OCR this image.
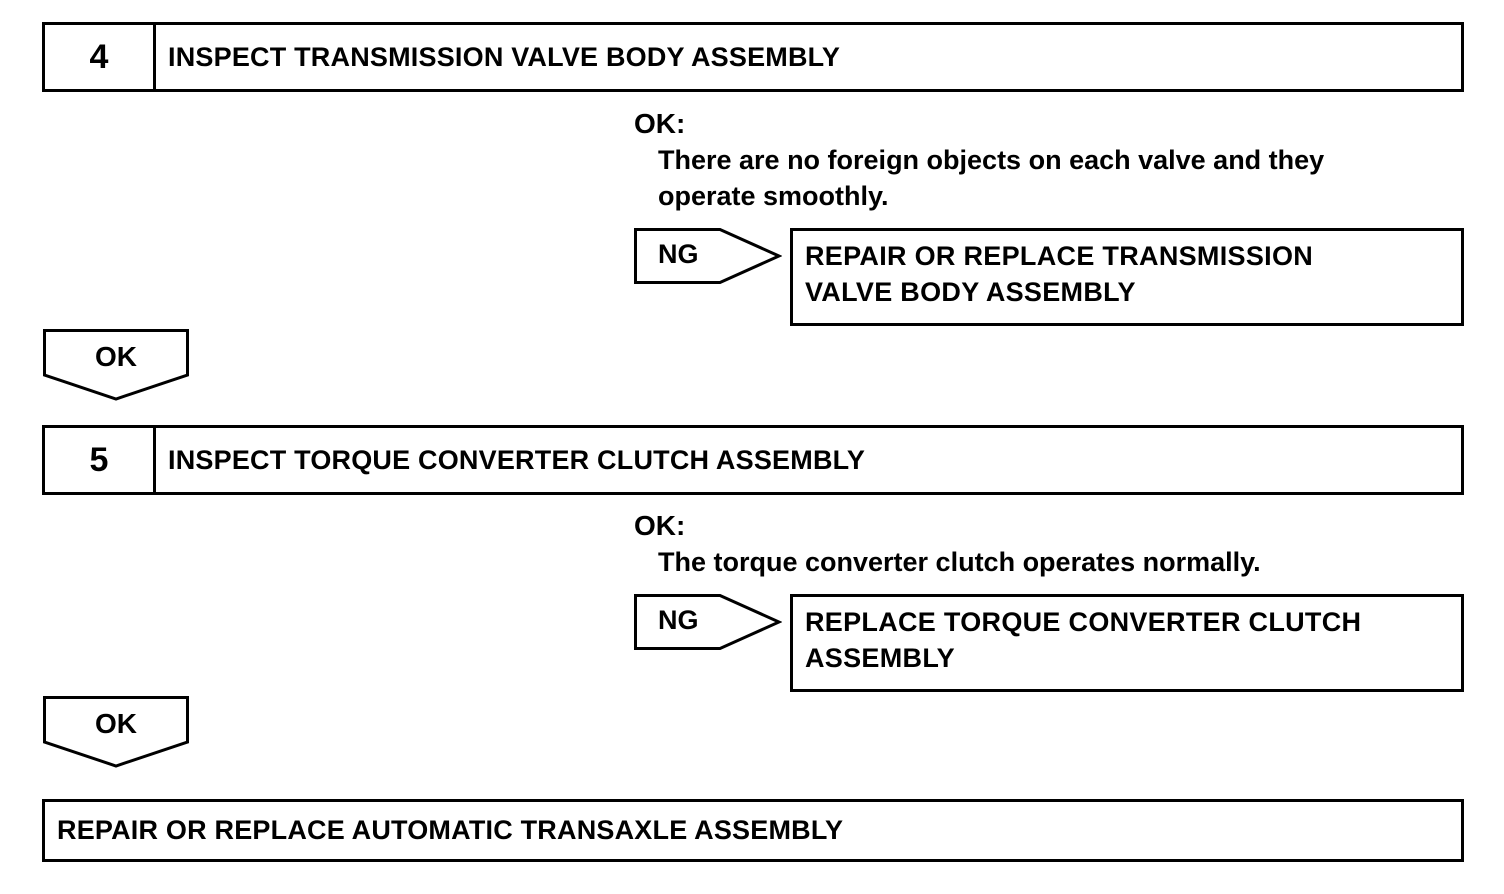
4	INSPECT TRANSMISSION VALVE BODY ASSEMBLY
OK:
There are no foreign objects on each valve and they
operate smoothly.
NG	REPAIR OR REPLACE TRANSMISSION
VALVE BODY ASSEMBLY
OK
5	INSPECT TORQUE CONVERTER CLUTCH ASSEMBLY
OK:
The torque converter clutch operates normally.
NG	REPLACE TORQUE CONVERTER CLUTCH
ASSEMBLY
OK
REPAIR OR REPLACE AUTOMATIC TRANSAXLE ASSEMBLY
